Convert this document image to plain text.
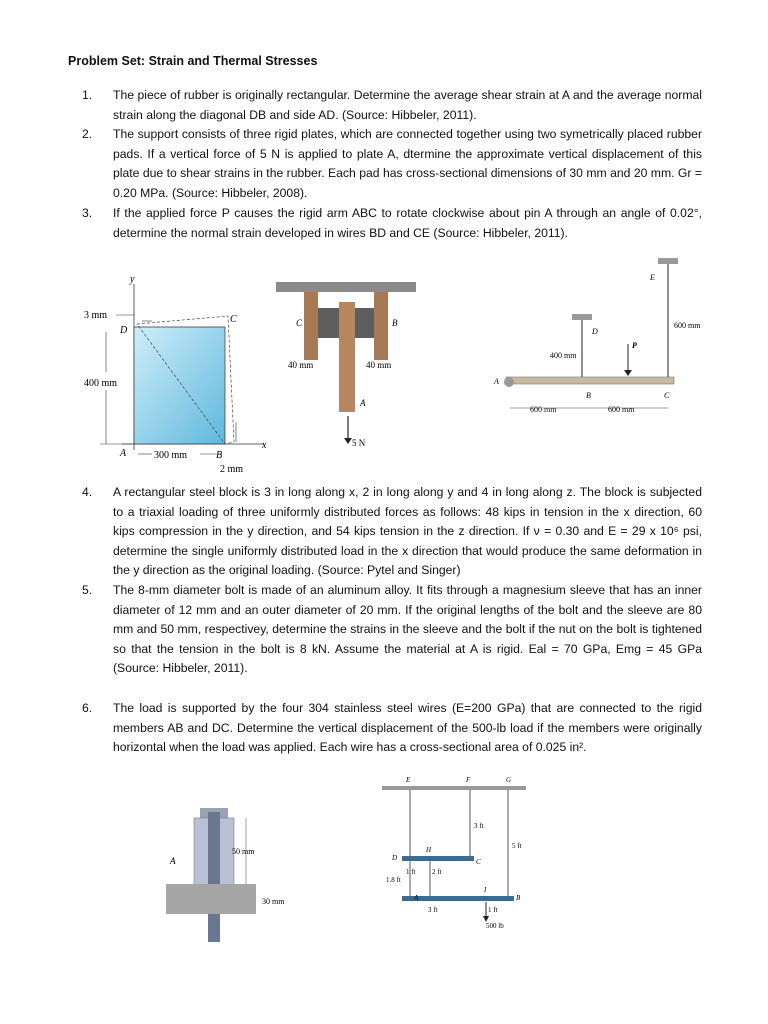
Problem Set: Strain and Thermal Stresses
1.	The piece of rubber is originally rectangular. Determine the average shear strain at A and the average normal strain along the diagonal DB and side AD. (Source: Hibbeler, 2011).
2.	The support consists of three rigid plates, which are connected together using two symetrically placed rubber pads. If a vertical force of 5 N is applied to plate A, dtermine the approximate vertical displacement of this plate due to shear strains in the rubber. Each pad has cross-sectional dimensions of 30 mm and 20 mm. Gr = 0.20 MPa. (Source: Hibbeler, 2008).
3.	If the applied force P causes the rigid arm ABC to rotate clockwise about pin A through an angle of 0.02°, determine the normal strain developed in wires BD and CE (Source: Hibbeler, 2011).
y
x
D
C
A	B
3 mm
400 mm
300 mm
2 mm
C	B
A
40 mm	40 mm
5 N
E
D
P
A
B	C
400 mm
600 mm
600 mm	600 mm
4.	A rectangular steel block is 3 in long along x, 2 in long along y and 4 in long along z. The block is subjected to a triaxial loading of three uniformly distributed forces as follows: 48 kips in tension in the x direction, 60 kips compression in the y direction, and 54 kips tension in the z direction. If ν = 0.30 and E = 29 x 10⁶ psi, determine the single uniformly distributed load in the x direction that would produce the same deformation in the y direction as the original loading. (Source: Pytel and Singer)
5.	The 8-mm diameter bolt is made of an aluminum alloy. It fits through a magnesium sleeve that has an inner diameter of 12 mm and an outer diameter of 20 mm. If the original lengths of the bolt and the sleeve are 80 mm and 50 mm, respectivey, determine the strains in the sleeve and the bolt if the nut on the bolt is tightened so that the tension in the bolt is 8 kN. Assume the material at A is rigid. Eal = 70 GPa, Emg = 45 GPa (Source: Hibbeler, 2011).
6.	The load is supported by the four 304 stainless steel wires (E=200 GPa) that are connected to the rigid members AB and DC. Determine the vertical displacement of the 500-lb load if the members were originally horizontal when the load was applied. Each wire has a cross-sectional area of 0.025 in².
A
50 mm
30 mm
E	F	G
H
D	C
I
A	B
3 ft
5 ft
1 ft 2 ft
1.8 ft
3 ft	1 ft
500 lb
